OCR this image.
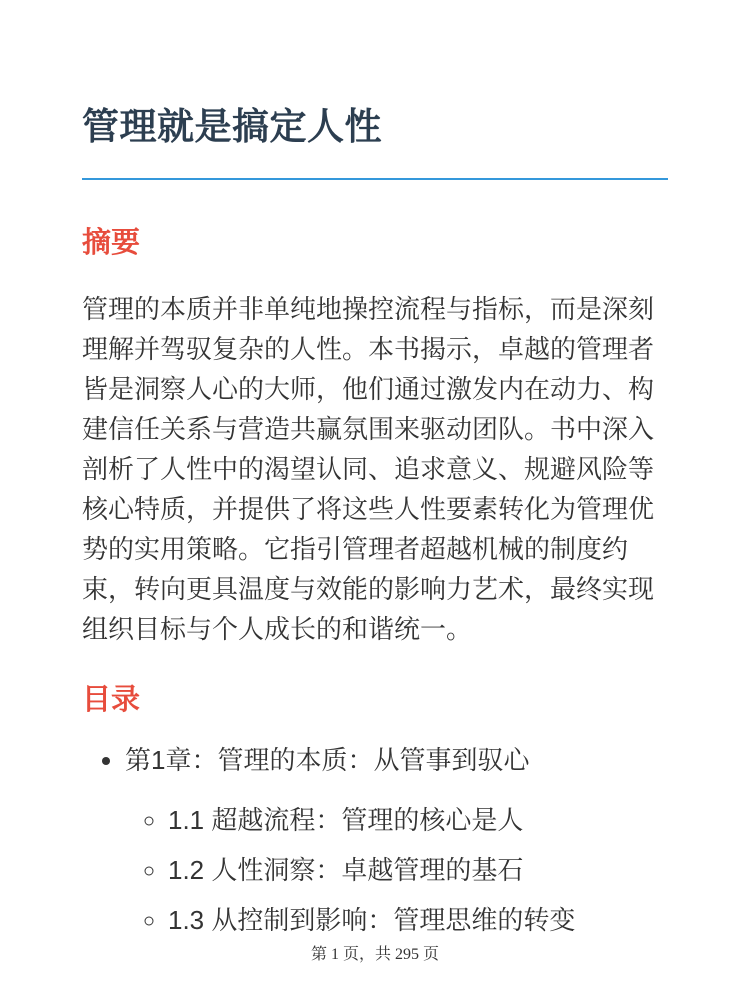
管理就是搞定人性
摘要

管理的本质并非单纯地操控流程与指标，而是深刻理解并驾驭复杂的人性。本书揭示，卓越的管理者皆是洞察人心的大师，他们通过激发内在动力、构建信任关系与营造共赢氛围来驱动团队。书中深入剖析了人性中的渴望认同、追求意义、规避风险等核心特质，并提供了将这些人性要素转化为管理优势的实用策略。它指引管理者超越机械的制度约束，转向更具温度与效能的影响力艺术，最终实现组织目标与个人成长的和谐统一。

目录
• 第1章：管理的本质：从管事到驭心
◦ 1.1 超越流程：管理的核心是人
◦ 1.2 人性洞察：卓越管理的基石
◦ 1.3 从控制到影响：管理思维的转变
第 1 页，共 295 页
